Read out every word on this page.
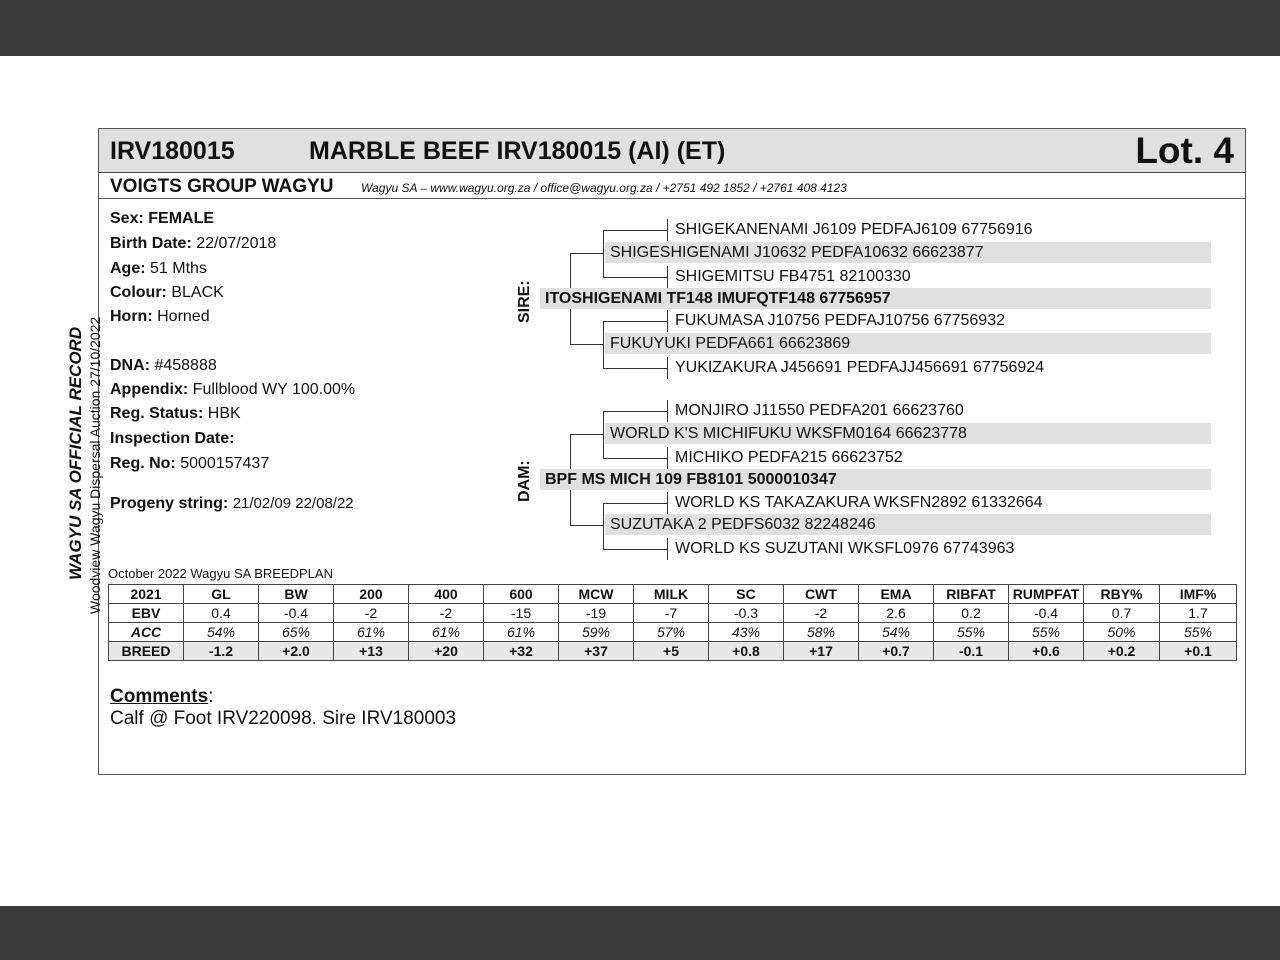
IRV180015	MARBLE BEEF IRV180015 (AI) (ET)	Lot. 4
VOIGTS GROUP WAGYU Wagyu SA – www.wagyu.org.za / office@wagyu.org.za / +2751 492 1852 / +2761 408 4123
WAGYU SA OFFICIAL RECORD Woodview Wagyu Dispersal Auction 27/10/2022
Sex: FEMALE
Birth Date: 22/07/2018
Age: 51 Mths
Colour: BLACK
Horn: Horned
DNA: #458888
Appendix: Fullblood WY 100.00%
Reg. Status: HBK
Inspection Date:
Reg. No: 5000157437
Progeny string: 21/02/09 22/08/22
SIRE:
DAM:
SHIGEKANENAMI J6109 PEDFAJ6109 67756916
SHIGESHIGENAMI J10632 PEDFA10632 66623877
SHIGEMITSU FB4751 82100330
ITOSHIGENAMI TF148 IMUFQTF148 67756957
FUKUMASA J10756 PEDFAJ10756 67756932
FUKUYUKI PEDFA661 66623869
YUKIZAKURA J456691 PEDFAJJ456691 67756924
MONJIRO J11550 PEDFA201 66623760
WORLD K'S MICHIFUKU WKSFM0164 66623778
MICHIKO PEDFA215 66623752
BPF MS MICH 109 FB8101 5000010347
WORLD KS TAKAZAKURA WKSFN2892 61332664
SUZUTAKA 2 PEDFS6032 82248246
WORLD KS SUZUTANI WKSFL0976 67743963
October 2022 Wagyu SA BREEDPLAN
2021	GL	BW	200	400	600	MCW	MILK	SC	CWT	EMA	RIBFAT	RUMPFAT	RBY%	IMF%
EBV	0.4	-0.4	-2	-2	-15	-19	-7	-0.3	-2	2.6	0.2	-0.4	0.7	1.7
ACC	54%	65%	61%	61%	61%	59%	57%	43%	58%	54%	55%	55%	50%	55%
BREED	-1.2	+2.0	+13	+20	+32	+37	+5	+0.8	+17	+0.7	-0.1	+0.6	+0.2	+0.1
Comments:
Calf @ Foot IRV220098. Sire IRV180003
